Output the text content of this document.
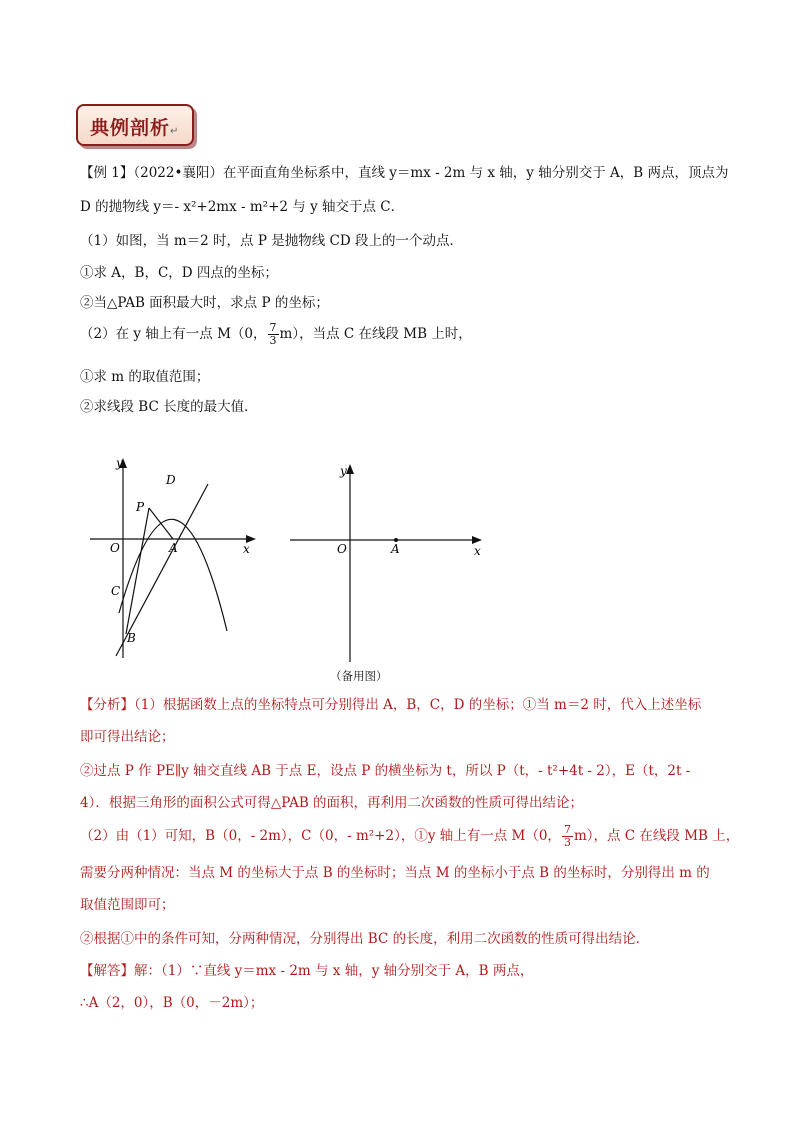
典例剖析↵
【例 1】（2022•襄阳）在平面直角坐标系中，直线 y＝mx - 2m 与 x 轴，y 轴分别交于 A，B 两点，顶点为
D 的抛物线 y＝- x²+2mx - m²+2 与 y 轴交于点 C．
（1）如图，当 m＝2 时，点 P 是抛物线 CD 段上的一个动点．
①求 A，B，C，D 四点的坐标；
②当△PAB 面积最大时，求点 P 的坐标；
（2）在 y 轴上有一点 M（0， $\frac{7}{3} m$），当点 C 在线段 MB 上时，
①求 m 的取值范围；
②求线段 BC 长度的最大值．
y
x
O	A
D
P
C
B
y
x
O	A
（备用图）
【分析】（1）根据函数上点的坐标特点可分别得出 A，B，C，D 的坐标；①当 m＝2 时，代入上述坐标
即可得出结论；
②过点 P 作 PE∥y 轴交直线 AB 于点 E，设点 P 的横坐标为 t，所以 P（t，- t²+4t - 2），E（t，2t -
4）．根据三角形的面积公式可得△PAB 的面积，再利用二次函数的性质可得出结论；
（2）由（1）可知，B（0，- 2m），C（0，- m²+2），①y 轴上有一点 M（0， $\frac{7}{3} m$），点 C 在线段 MB 上，
需要分两种情况：当点 M 的坐标大于点 B 的坐标时；当点 M 的坐标小于点 B 的坐标时，分别得出 m 的
取值范围即可；
②根据①中的条件可知，分两种情况，分别得出 BC 的长度，利用二次函数的性质可得出结论．
【解答】解：（1）∵直线 y＝mx - 2m 与 x 轴，y 轴分别交于 A，B 两点，
∴A（2，0），B（0，－2m）；
